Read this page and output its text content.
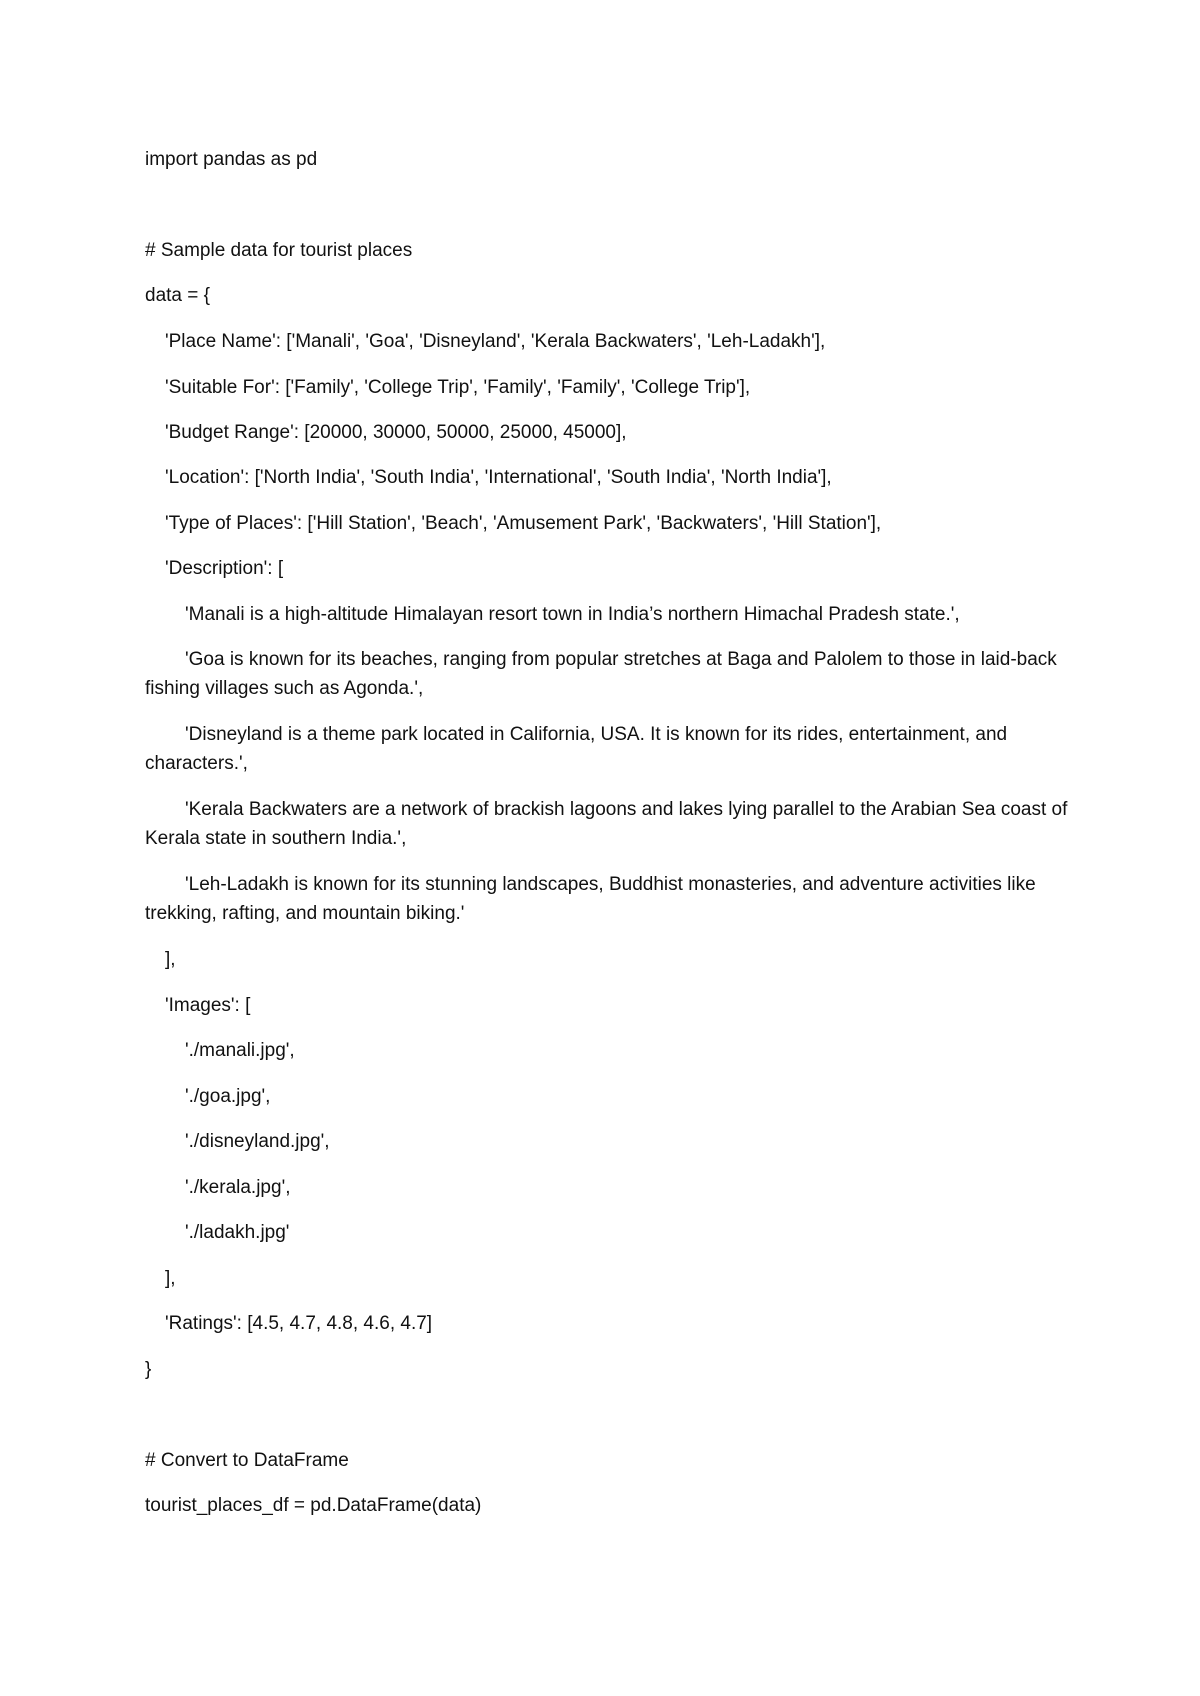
import pandas as pd
# Sample data for tourist places
data = {
'Place Name': ['Manali', 'Goa', 'Disneyland', 'Kerala Backwaters', 'Leh-Ladakh'],
'Suitable For': ['Family', 'College Trip', 'Family', 'Family', 'College Trip'],
'Budget Range': [20000, 30000, 50000, 25000, 45000],
'Location': ['North India', 'South India', 'International', 'South India', 'North India'],
'Type of Places': ['Hill Station', 'Beach', 'Amusement Park', 'Backwaters', 'Hill Station'],
'Description': [
'Manali is a high-altitude Himalayan resort town in India’s northern Himachal Pradesh state.',
'Goa is known for its beaches, ranging from popular stretches at Baga and Palolem to those in laid-back fishing villages such as Agonda.',
'Disneyland is a theme park located in California, USA. It is known for its rides, entertainment, and characters.',
'Kerala Backwaters are a network of brackish lagoons and lakes lying parallel to the Arabian Sea coast of Kerala state in southern India.',
'Leh-Ladakh is known for its stunning landscapes, Buddhist monasteries, and adventure activities like trekking, rafting, and mountain biking.'
],
'Images': [
'./manali.jpg',
'./goa.jpg',
'./disneyland.jpg',
'./kerala.jpg',
'./ladakh.jpg'
],
'Ratings': [4.5, 4.7, 4.8, 4.6, 4.7]
}
# Convert to DataFrame
tourist_places_df = pd.DataFrame(data)
